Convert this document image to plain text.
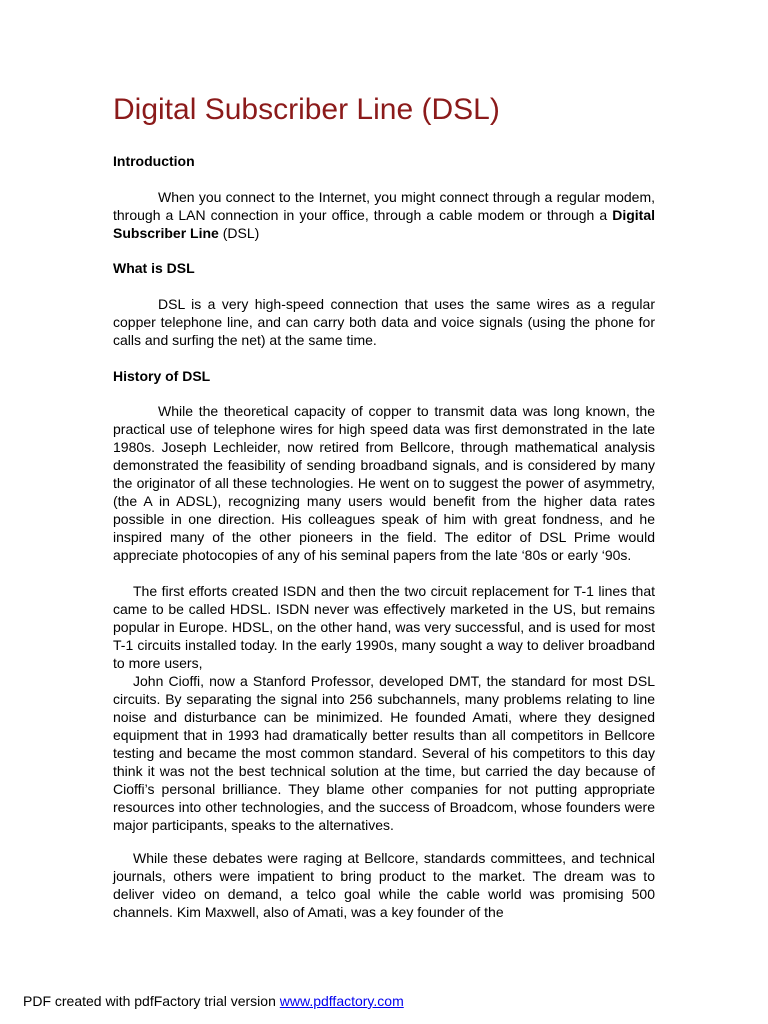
Digital Subscriber Line (DSL)
Introduction

When you connect to the Internet, you might connect through a regular modem, through a LAN connection in your office, through a cable modem or through a Digital Subscriber Line (DSL)

What is DSL

DSL is a very high-speed connection that uses the same wires as a regular copper telephone line, and can carry both data and voice signals (using the phone for calls and surfing the net) at the same time.

History of DSL

While the theoretical capacity of copper to transmit data was long known, the practical use of telephone wires for high speed data was first demonstrated in the late 1980s. Joseph Lechleider, now retired from Bellcore, through mathematical analysis demonstrated the feasibility of sending broadband signals, and is considered by many the originator of all these technologies. He went on to suggest the power of asymmetry, (the A in ADSL), recognizing many users would benefit from the higher data rates possible in one direction. His colleagues speak of him with great fondness, and he inspired many of the other pioneers in the field. The editor of DSL Prime would appreciate photocopies of any of his seminal papers from the late ‘80s or early ‘90s.

The first efforts created ISDN and then the two circuit replacement for T-1 lines that came to be called HDSL. ISDN never was effectively marketed in the US, but remains popular in Europe. HDSL, on the other hand, was very successful, and is used for most T-1 circuits installed today. In the early 1990s, many sought a way to deliver broadband to more users,

John Cioffi, now a Stanford Professor, developed DMT, the standard for most DSL circuits. By separating the signal into 256 subchannels, many problems relating to line noise and disturbance can be minimized. He founded Amati, where they designed equipment that in 1993 had dramatically better results than all competitors in Bellcore testing and became the most common standard. Several of his competitors to this day think it was not the best technical solution at the time, but carried the day because of Cioffi’s personal brilliance. They blame other companies for not putting appropriate resources into other technologies, and the success of Broadcom, whose founders were major participants, speaks to the alternatives.

While these debates were raging at Bellcore, standards committees, and technical journals, others were impatient to bring product to the market. The dream was to deliver video on demand, a telco goal while the cable world was promising 500 channels. Kim Maxwell, also of Amati, was a key founder of the

PDF created with pdfFactory trial version www.pdffactory.com
